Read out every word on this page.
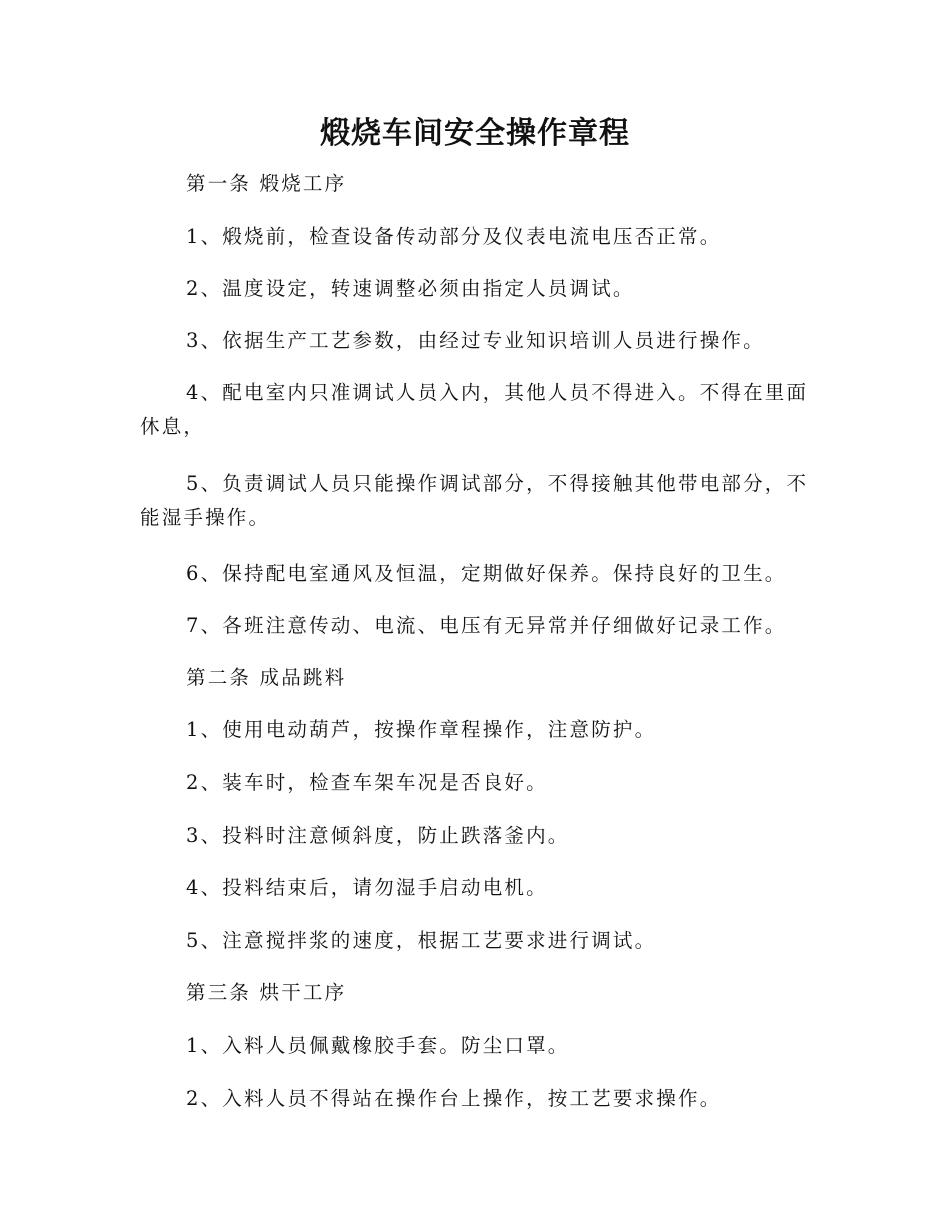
煅烧车间安全操作章程
第一条 煅烧工序
1、煅烧前，检查设备传动部分及仪表电流电压否正常。
2、温度设定，转速调整必须由指定人员调试。
3、依据生产工艺参数，由经过专业知识培训人员进行操作。
4、配电室内只准调试人员入内，其他人员不得进入。不得在里面休息，
5、负责调试人员只能操作调试部分，不得接触其他带电部分，不能湿手操作。
6、保持配电室通风及恒温，定期做好保养。保持良好的卫生。
7、各班注意传动、电流、电压有无异常并仔细做好记录工作。
第二条 成品跳料
1、使用电动葫芦，按操作章程操作，注意防护。
2、装车时，检查车架车况是否良好。
3、投料时注意倾斜度，防止跌落釜内。
4、投料结束后，请勿湿手启动电机。
5、注意搅拌浆的速度，根据工艺要求进行调试。
第三条 烘干工序
1、入料人员佩戴橡胶手套。防尘口罩。
2、入料人员不得站在操作台上操作，按工艺要求操作。
